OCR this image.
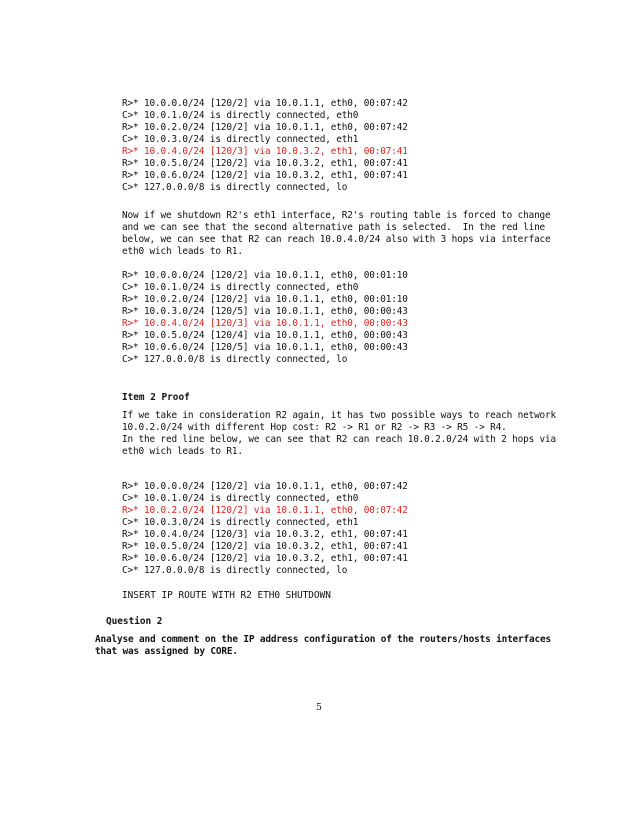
R>* 10.0.0.0/24 [120/2] via 10.0.1.1, eth0, 00:07:42
C>* 10.0.1.0/24 is directly connected, eth0
R>* 10.0.2.0/24 [120/2] via 10.0.1.1, eth0, 00:07:42
C>* 10.0.3.0/24 is directly connected, eth1
R>* 10.0.4.0/24 [120/3] via 10.0.3.2, eth1, 00:07:41
R>* 10.0.5.0/24 [120/2] via 10.0.3.2, eth1, 00:07:41
R>* 10.0.6.0/24 [120/2] via 10.0.3.2, eth1, 00:07:41
C>* 127.0.0.0/8 is directly connected, lo
Now if we shutdown R2's eth1 interface, R2's routing table is forced to change
and we can see that the second alternative path is selected.  In the red line
below, we can see that R2 can reach 10.0.4.0/24 also with 3 hops via interface
eth0 wich leads to R1.
R>* 10.0.0.0/24 [120/2] via 10.0.1.1, eth0, 00:01:10
C>* 10.0.1.0/24 is directly connected, eth0
R>* 10.0.2.0/24 [120/2] via 10.0.1.1, eth0, 00:01:10
R>* 10.0.3.0/24 [120/5] via 10.0.1.1, eth0, 00:00:43
R>* 10.0.4.0/24 [120/3] via 10.0.1.1, eth0, 00:00:43
R>* 10.0.5.0/24 [120/4] via 10.0.1.1, eth0, 00:00:43
R>* 10.0.6.0/24 [120/5] via 10.0.1.1, eth0, 00:00:43
C>* 127.0.0.0/8 is directly connected, lo
Item 2 Proof
If we take in consideration R2 again, it has two possible ways to reach network
10.0.2.0/24 with different Hop cost: R2 -> R1 or R2 -> R3 -> R5 -> R4.
In the red line below, we can see that R2 can reach 10.0.2.0/24 with 2 hops via
eth0 wich leads to R1.
R>* 10.0.0.0/24 [120/2] via 10.0.1.1, eth0, 00:07:42
C>* 10.0.1.0/24 is directly connected, eth0
R>* 10.0.2.0/24 [120/2] via 10.0.1.1, eth0, 00:07:42
C>* 10.0.3.0/24 is directly connected, eth1
R>* 10.0.4.0/24 [120/3] via 10.0.3.2, eth1, 00:07:41
R>* 10.0.5.0/24 [120/2] via 10.0.3.2, eth1, 00:07:41
R>* 10.0.6.0/24 [120/2] via 10.0.3.2, eth1, 00:07:41
C>* 127.0.0.0/8 is directly connected, lo
INSERT IP ROUTE WITH R2 ETH0 SHUTDOWN
Question 2
Analyse and comment on the IP address configuration of the routers/hosts interfaces
that was assigned by CORE.
5
